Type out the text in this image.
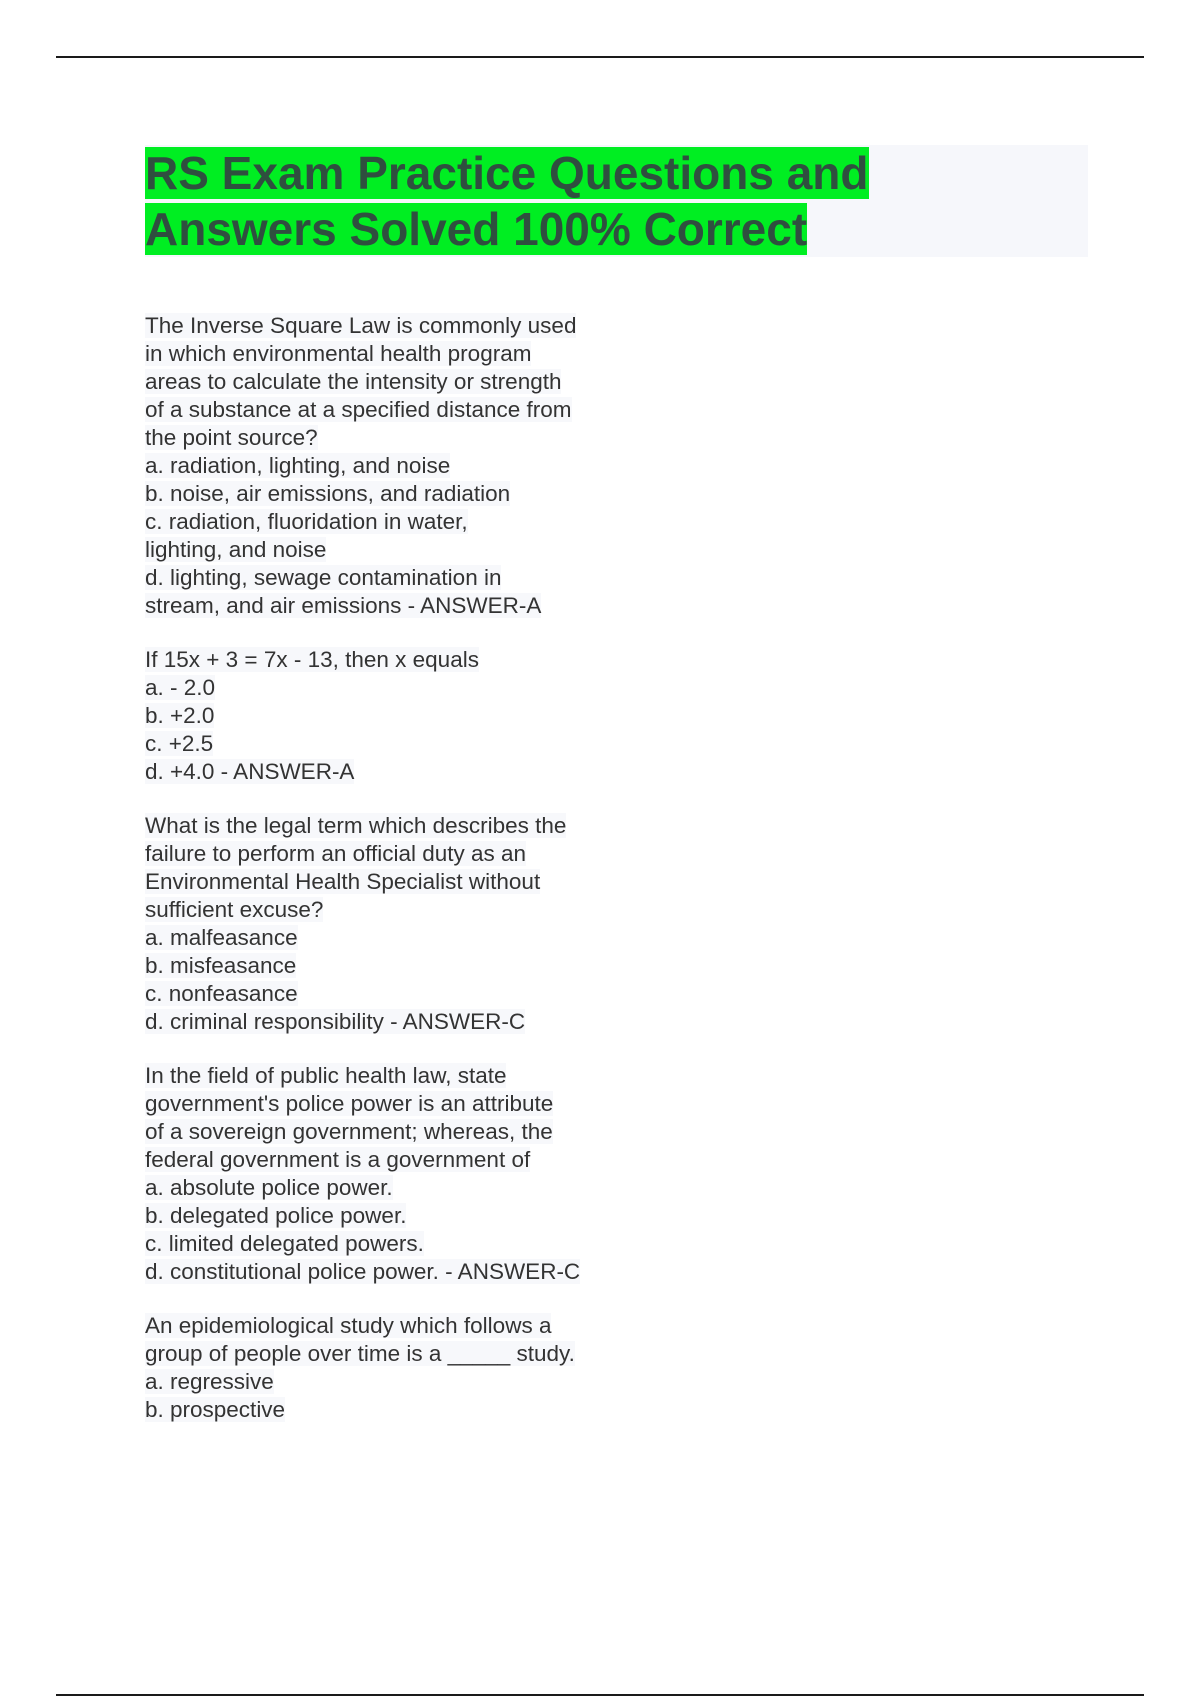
RS Exam Practice Questions and
Answers Solved 100% Correct
The Inverse Square Law is commonly used
in which environmental health program
areas to calculate the intensity or strength
of a substance at a specified distance from
the point source?
a. radiation, lighting, and noise
b. noise, air emissions, and radiation
c. radiation, fluoridation in water,
lighting, and noise
d. lighting, sewage contamination in
stream, and air emissions - ANSWER-A
If 15x + 3 = 7x - 13, then x equals
a. - 2.0
b. +2.0
c. +2.5
d. +4.0 - ANSWER-A
What is the legal term which describes the
failure to perform an official duty as an
Environmental Health Specialist without
sufficient excuse?
a. malfeasance
b. misfeasance
c. nonfeasance
d. criminal responsibility - ANSWER-C
In the field of public health law, state
government's police power is an attribute
of a sovereign government; whereas, the
federal government is a government of
a. absolute police power.
b. delegated police power.
c. limited delegated powers.
d. constitutional police power. - ANSWER-C
An epidemiological study which follows a
group of people over time is a _____ study.
a. regressive
b. prospective
